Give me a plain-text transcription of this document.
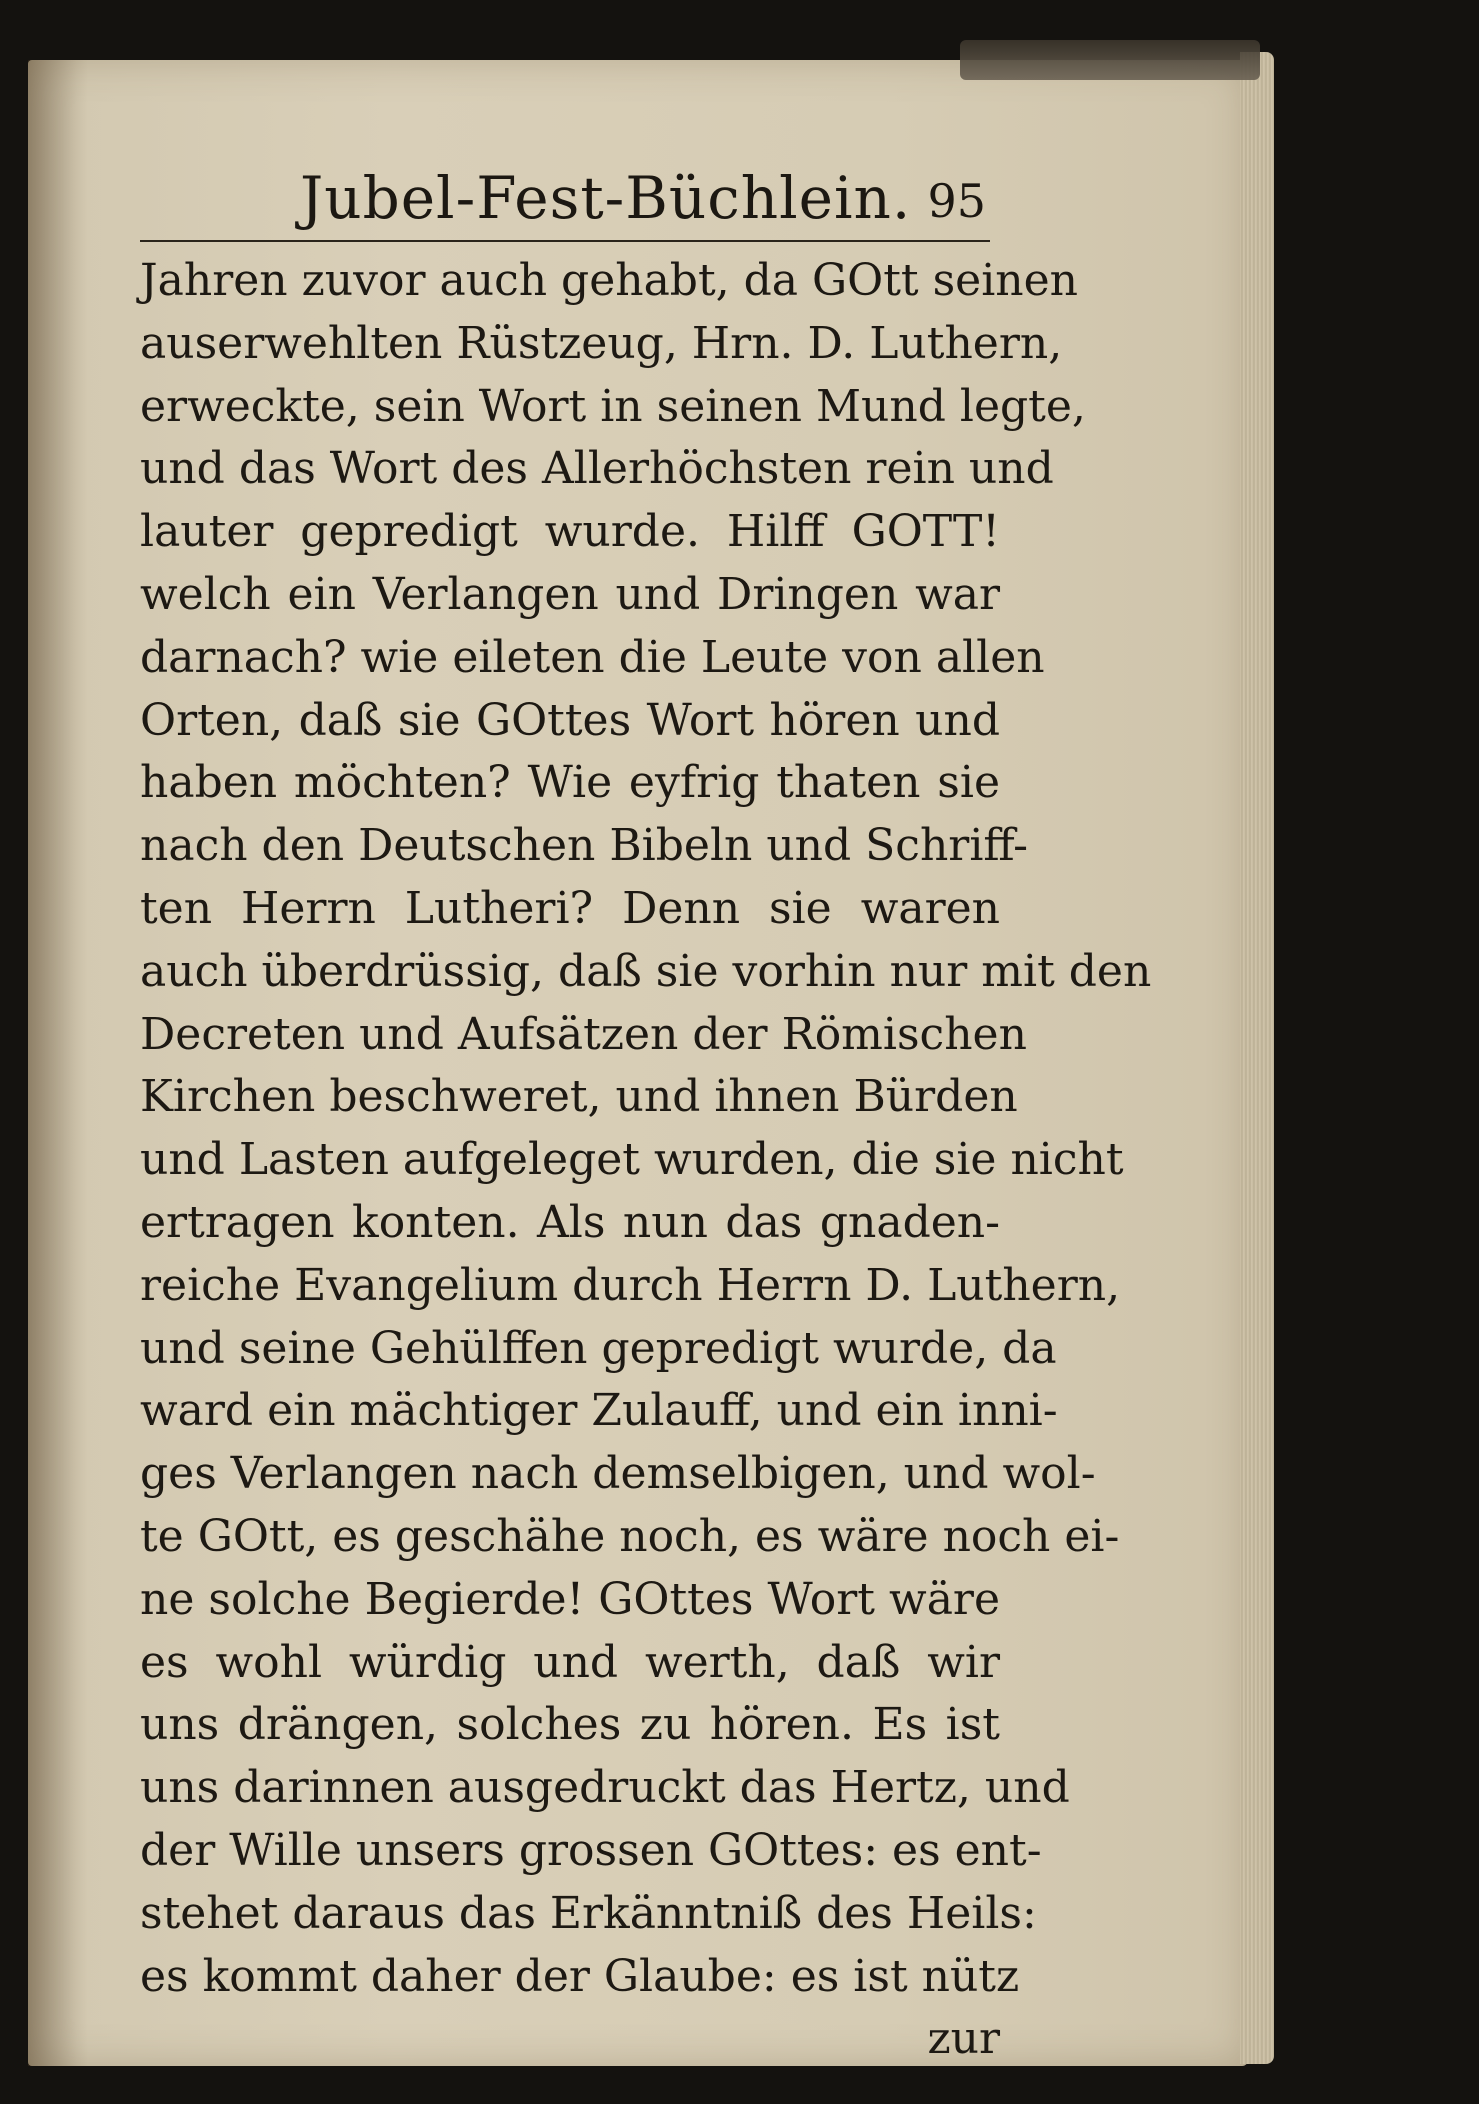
Jubel-Fest-Büchlein. 95
Jahren zuvor auch gehabt, da GOtt seinen
auserwehlten Rüstzeug, Hrn. D. Luthern,
erweckte, sein Wort in seinen Mund legte,
und das Wort des Allerhöchsten rein und
lauter gepredigt wurde. Hilff GOTT!
welch ein Verlangen und Dringen war
darnach? wie eileten die Leute von allen
Orten, daß sie GOttes Wort hören und
haben möchten? Wie eyfrig thaten sie
nach den Deutschen Bibeln und Schriff-
ten Herrn Lutheri? Denn sie waren
auch überdrüssig, daß sie vorhin nur mit den
Decreten und Aufsätzen der Römischen
Kirchen beschweret, und ihnen Bürden
und Lasten aufgeleget wurden, die sie nicht
ertragen konten. Als nun das gnaden-
reiche Evangelium durch Herrn D. Luthern,
und seine Gehülffen gepredigt wurde, da
ward ein mächtiger Zulauff, und ein inni-
ges Verlangen nach demselbigen, und wol-
te GOtt, es geschähe noch, es wäre noch ei-
ne solche Begierde! GOttes Wort wäre
es wohl würdig und werth, daß wir
uns drängen, solches zu hören. Es ist
uns darinnen ausgedruckt das Hertz, und
der Wille unsers grossen GOttes: es ent-
stehet daraus das Erkänntniß des Heils:
es kommt daher der Glaube: es ist nütz
zur
